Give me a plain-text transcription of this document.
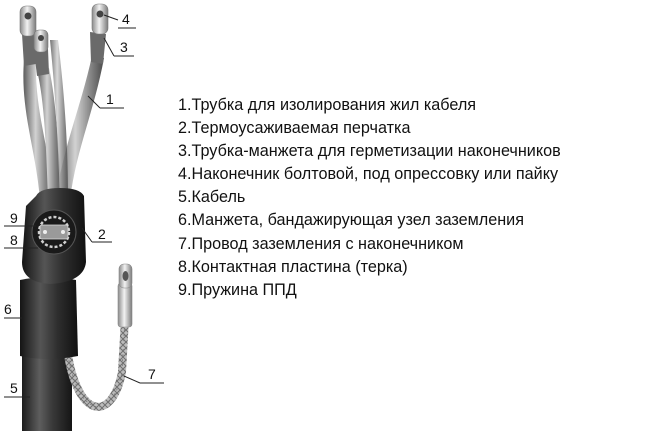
4
3
1
2
9
8
6
5
7
1.Трубка для изолирования жил кабеля
2.Термоусаживаемая перчатка
3.Трубка-манжета для герметизации наконечников
4.Наконечник болтовой, под опрессовку или пайку
5.Кабель
6.Манжета, бандажирующая узел заземления
7.Провод заземления с наконечником
8.Контактная пластина (терка)
9.Пружина ППД
